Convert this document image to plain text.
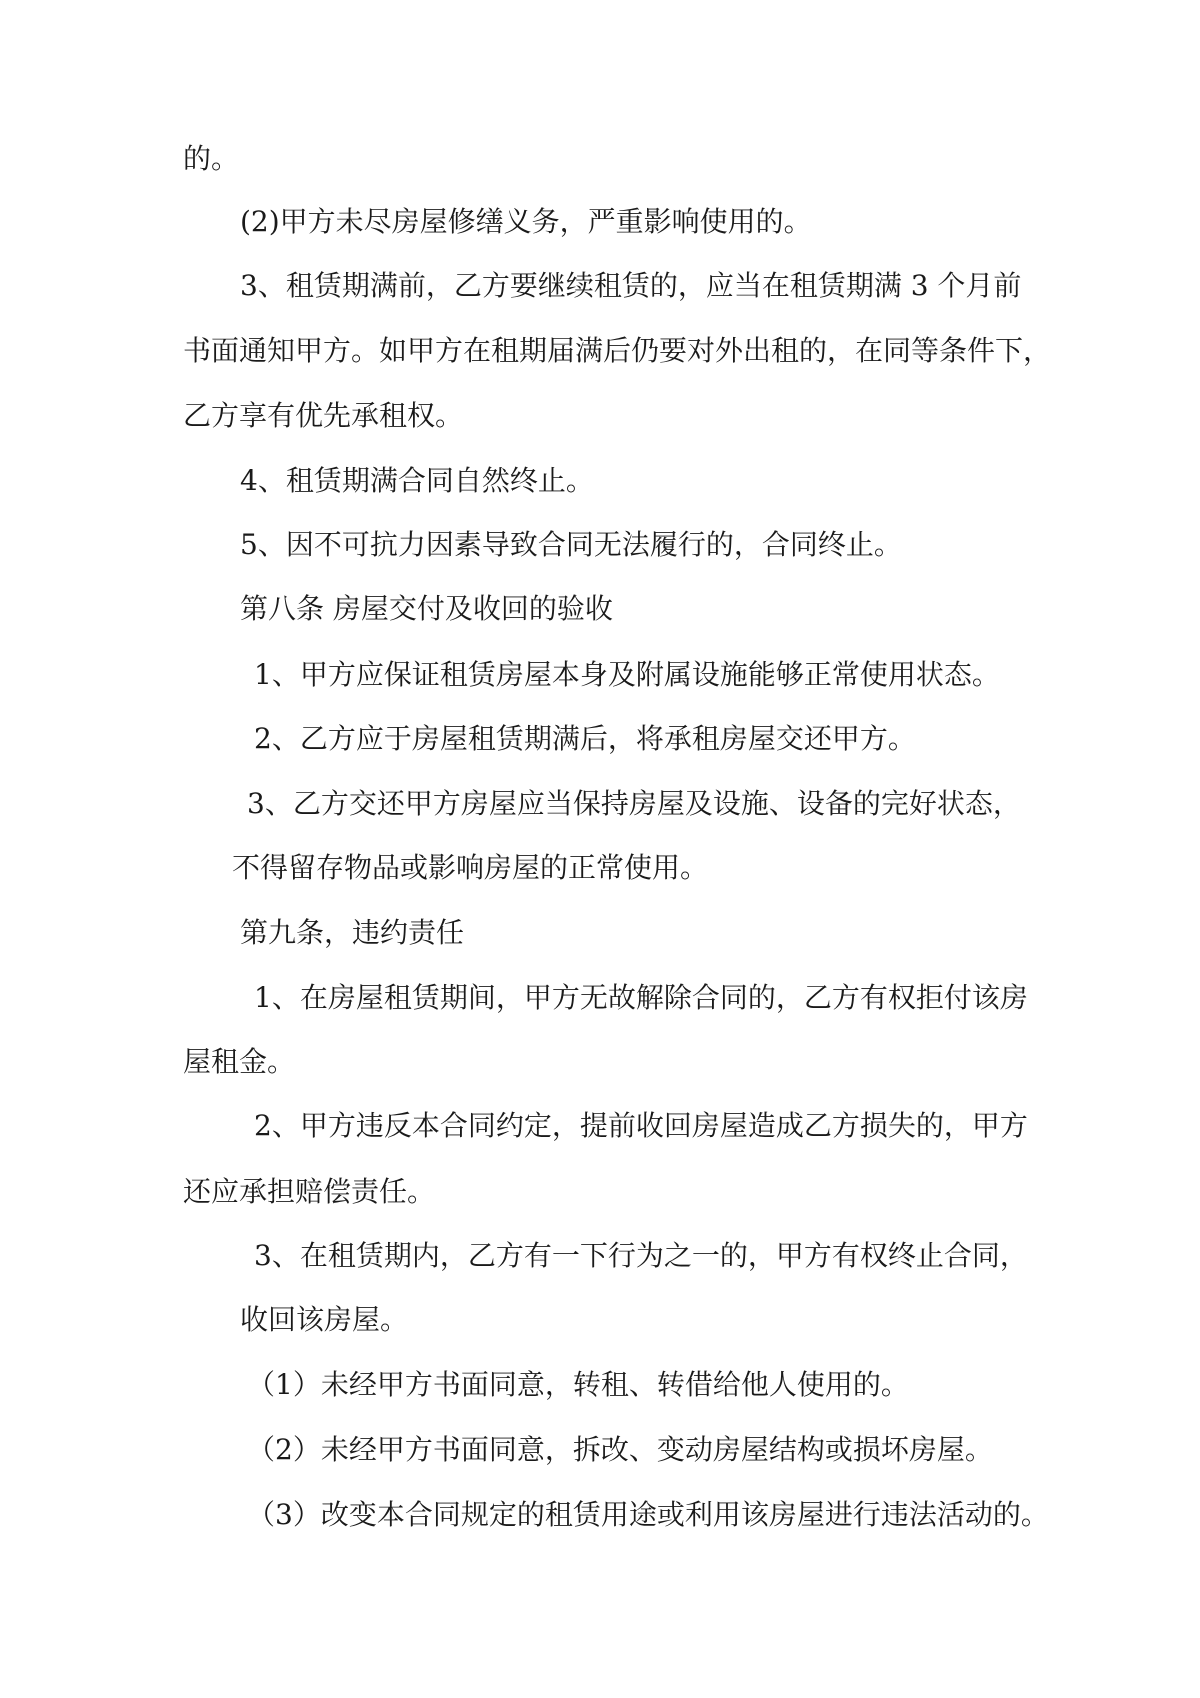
的。

(2)甲方未尽房屋修缮义务，严重影响使用的。

3、租赁期满前，乙方要继续租赁的，应当在租赁期满 3 个月前

书面通知甲方。如甲方在租期届满后仍要对外出租的，在同等条件下，

乙方享有优先承租权。

4、租赁期满合同自然终止。

5、因不可抗力因素导致合同无法履行的，合同终止。

第八条 房屋交付及收回的验收

1、甲方应保证租赁房屋本身及附属设施能够正常使用状态。

2、乙方应于房屋租赁期满后，将承租房屋交还甲方。

3、乙方交还甲方房屋应当保持房屋及设施、设备的完好状态，

不得留存物品或影响房屋的正常使用。

第九条，违约责任

1、在房屋租赁期间，甲方无故解除合同的，乙方有权拒付该房

屋租金。

2、甲方违反本合同约定，提前收回房屋造成乙方损失的，甲方

还应承担赔偿责任。

3、在租赁期内，乙方有一下行为之一的，甲方有权终止合同，

收回该房屋。

（1）未经甲方书面同意，转租、转借给他人使用的。

（2）未经甲方书面同意，拆改、变动房屋结构或损坏房屋。

（3）改变本合同规定的租赁用途或利用该房屋进行违法活动的。
